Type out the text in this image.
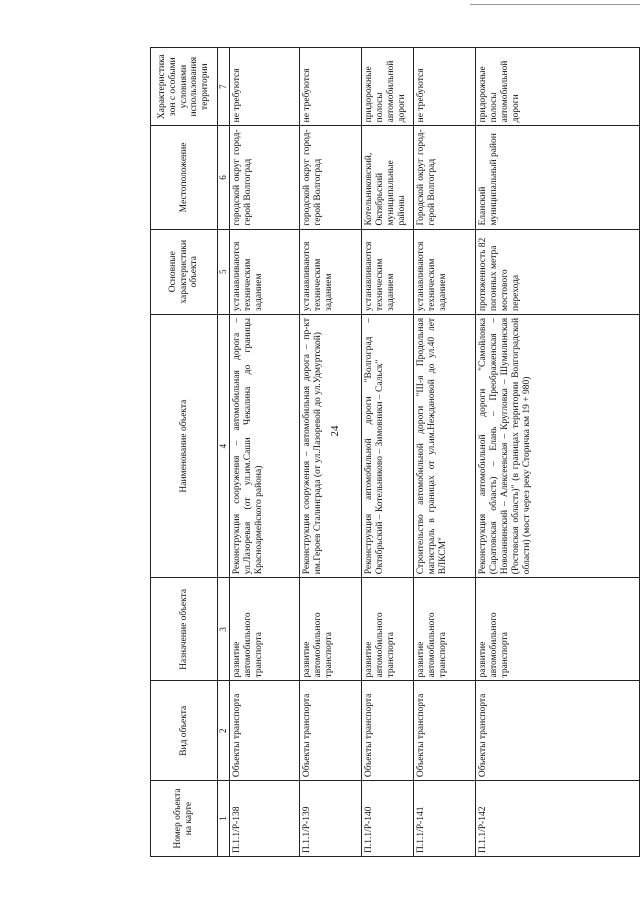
24
Номер объекта на карте	Вид объекта	Назначение объекта	Наименование объекта	Основные характеристики объекта	Местоположение	Характеристика зон с особыми условиями использования территории
1	2	3	4	5	6	7
П.1.1/Р-138	Объекты транспорта	развитие автомобильного транспорта	Реконструкция сооружения – автомобильная дорога – ул.Лазоревая (от ул.им.Саши Чекалина до границы Красноармейского района)	устанавливаются техническим заданием	городской округ город-герой Волгоград	не требуются
П.1.1/Р-139	Объекты транспорта	развитие автомобильного транспорта	Реконструкция сооружения – автомобильная дорога – пр-кт им.Героев Сталинграда (от ул.Лазоревой до ул.Удмуртской)	устанавливаются техническим заданием	городской округ город-герой Волгоград	не требуются
П.1.1/Р-140	Объекты транспорта	развитие автомобильного транспорта	Реконструкция автомобильной дороги "Волгоград – Октябрьский – Котельниково – Зимовники – Сальск"	устанавливаются техническим заданием	Котельниковский, Октябрьский муниципальные районы	придорожные полосы автомобильной дороги
П.1.1/Р-141	Объекты транспорта	развитие автомобильного транспорта	Строительство автомобильной дороги "III-я Продольная магистраль в границах от ул.им.Неждановой до ул.40 лет ВЛКСМ"	устанавливаются техническим заданием	Городской округ город-герой Волгоград	не требуются
П.1.1/Р-142	Объекты транспорта	развитие автомобильного транспорта	Реконструкция автомобильной дороги "Самойловка (Саратовская область) – Елань – Преображенская – Новоаннинский – Алексеевская – Кругловка – Шумилинская (Ростовская область)" (в границах территории Волгоградской области) (мост через реку Сторичка км 19 + 980)	протяженность 82 погонных метра мостового перехода	Еланский муниципальный район	придорожные полосы автомобильной дороги
